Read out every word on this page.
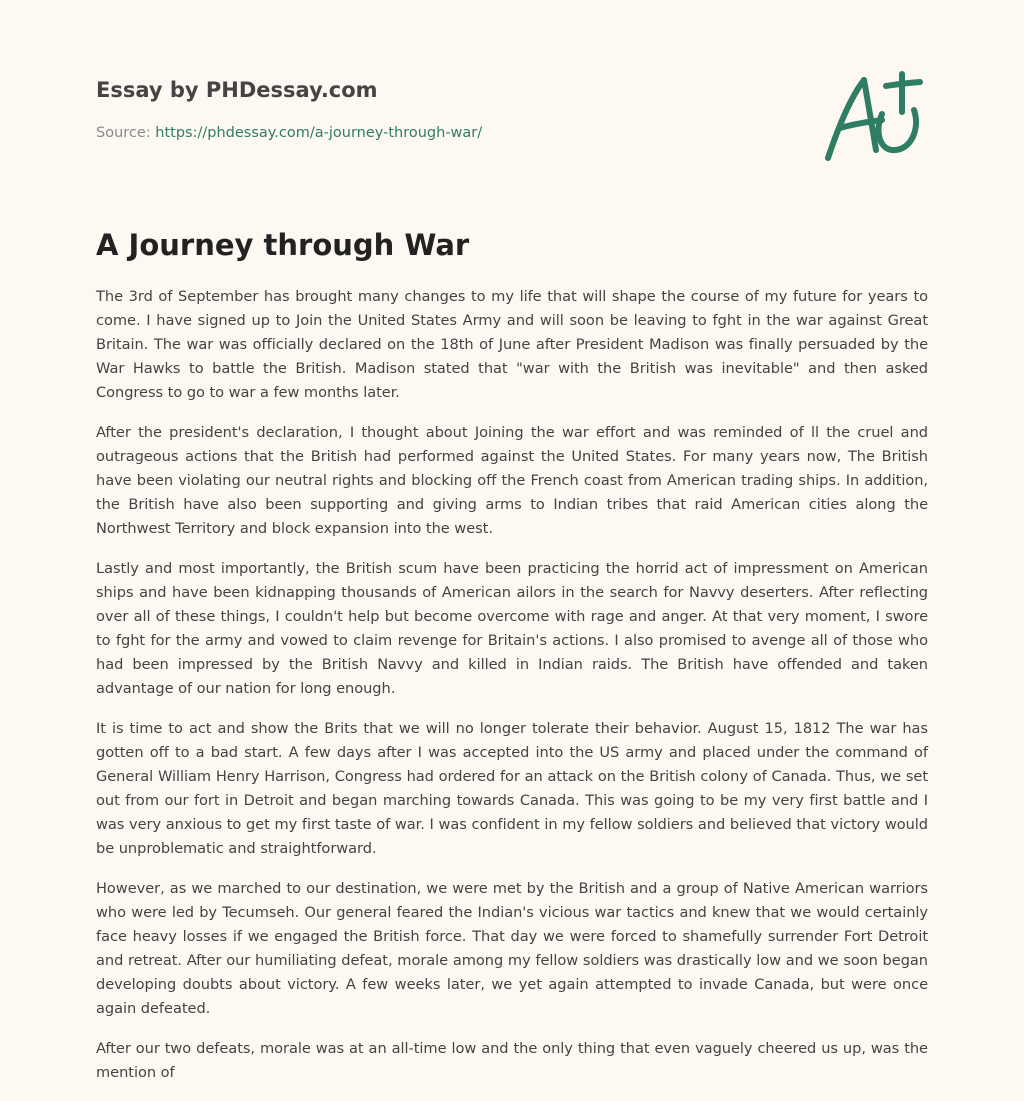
Essay by PHDessay.com
Source: https://phdessay.com/a-journey-through-war/
A Journey through War

The 3rd of September has brought many changes to my life that will shape the course of my future for years to come. I have signed up to Join the United States Army and will soon be leaving to fght in the war against Great Britain. The war was officially declared on the 18th of June after President Madison was finally persuaded by the War Hawks to battle the British. Madison stated that "war with the British was inevitable" and then asked Congress to go to war a few months later.

After the president's declaration, I thought about Joining the war effort and was reminded of ll the cruel and outrageous actions that the British had performed against the United States. For many years now, The British have been violating our neutral rights and blocking off the French coast from American trading ships. In addition, the British have also been supporting and giving arms to Indian tribes that raid American cities along the Northwest Territory and block expansion into the west.

Lastly and most importantly, the British scum have been practicing the horrid act of impressment on American ships and have been kidnapping thousands of American ailors in the search for Navvy deserters. After reflecting over all of these things, I couldn't help but become overcome with rage and anger. At that very moment, I swore to fght for the army and vowed to claim revenge for Britain's actions. I also promised to avenge all of those who had been impressed by the British Navvy and killed in Indian raids. The British have offended and taken advantage of our nation for long enough.

It is time to act and show the Brits that we will no longer tolerate their behavior. August 15, 1812 The war has gotten off to a bad start. A few days after I was accepted into the US army and placed under the command of General William Henry Harrison, Congress had ordered for an attack on the British colony of Canada. Thus, we set out from our fort in Detroit and began marching towards Canada. This was going to be my very first battle and I was very anxious to get my first taste of war. I was confident in my fellow soldiers and believed that victory would be unproblematic and straightforward.

However, as we marched to our destination, we were met by the British and a group of Native American warriors who were led by Tecumseh. Our general feared the Indian's vicious war tactics and knew that we would certainly face heavy losses if we engaged the British force. That day we were forced to shamefully surrender Fort Detroit and retreat. After our humiliating defeat, morale among my fellow soldiers was drastically low and we soon began developing doubts about victory. A few weeks later, we yet again attempted to invade Canada, but were once again defeated.

After our two defeats, morale was at an all-time low and the only thing that even vaguely cheered us up, was the mention of
